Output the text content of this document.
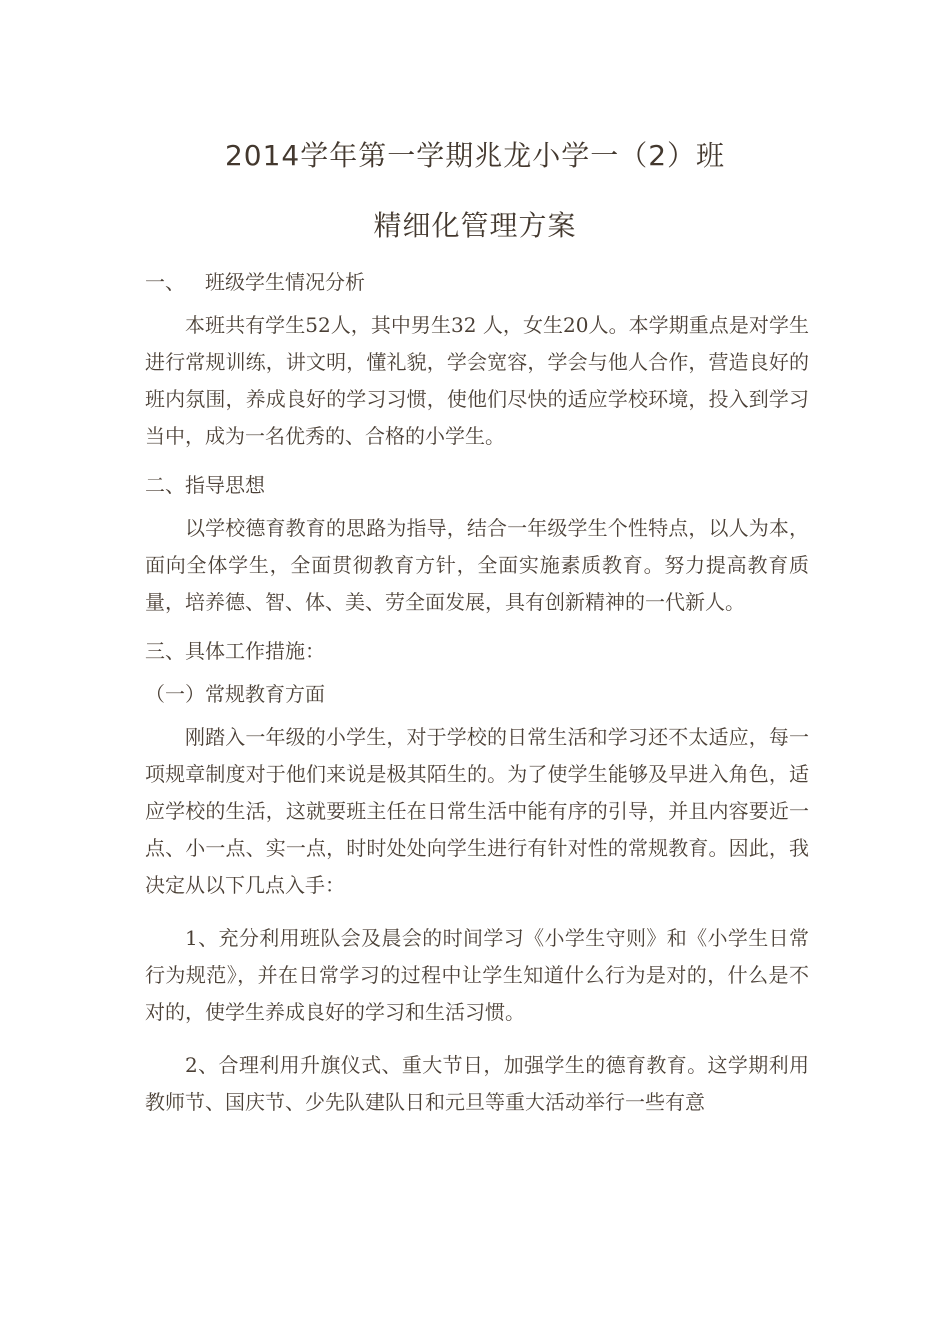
2014学年第一学期兆龙小学一（2）班
精细化管理方案

一、 班级学生情况分析

本班共有学生52人，其中男生32 人，女生20人。本学期重点是对学生进行常规训练，讲文明，懂礼貌，学会宽容，学会与他人合作，营造良好的班内氛围，养成良好的学习习惯，使他们尽快的适应学校环境，投入到学习当中，成为一名优秀的、合格的小学生。

二、指导思想

以学校德育教育的思路为指导，结合一年级学生个性特点，以人为本，面向全体学生，全面贯彻教育方针，全面实施素质教育。努力提高教育质量，培养德、智、体、美、劳全面发展，具有创新精神的一代新人。

三、具体工作措施：

（一）常规教育方面

刚踏入一年级的小学生，对于学校的日常生活和学习还不太适应，每一项规章制度对于他们来说是极其陌生的。为了使学生能够及早进入角色，适应学校的生活，这就要班主任在日常生活中能有序的引导，并且内容要近一点、小一点、实一点，时时处处向学生进行有针对性的常规教育。因此，我决定从以下几点入手：

1、充分利用班队会及晨会的时间学习《小学生守则》和《小学生日常行为规范》，并在日常学习的过程中让学生知道什么行为是对的，什么是不对的，使学生养成良好的学习和生活习惯。

2、合理利用升旗仪式、重大节日，加强学生的德育教育。这学期利用教师节、国庆节、少先队建队日和元旦等重大活动举行一些有意
